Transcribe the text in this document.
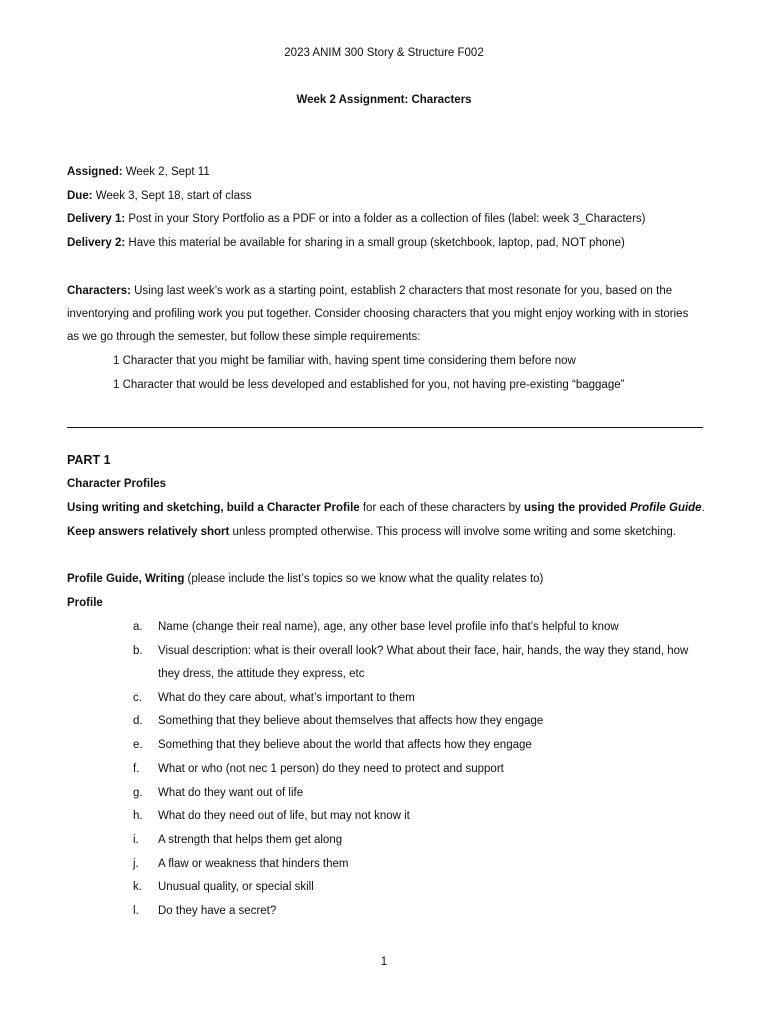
2023 ANIM 300 Story & Structure F002
Week 2 Assignment: Characters
Assigned: Week 2, Sept 11
Due: Week 3, Sept 18, start of class
Delivery 1: Post in your Story Portfolio as a PDF or into a folder as a collection of files (label: week 3_Characters)
Delivery 2: Have this material be available for sharing in a small group (sketchbook, laptop, pad, NOT phone)
Characters: Using last week’s work as a starting point, establish 2 characters that most resonate for you, based on the
inventorying and profiling work you put together. Consider choosing characters that you might enjoy working with in stories
as we go through the semester, but follow these simple requirements:
1 Character that you might be familiar with, having spent time considering them before now
1 Character that would be less developed and established for you, not having pre-existing “baggage”
PART 1
Character Profiles
Using writing and sketching, build a Character Profile for each of these characters by using the provided Profile Guide.
Keep answers relatively short unless prompted otherwise. This process will involve some writing and some sketching.
Profile Guide, Writing (please include the list’s topics so we know what the quality relates to)
Profile
a.	Name (change their real name), age, any other base level profile info that’s helpful to know
b.	Visual description: what is their overall look? What about their face, hair, hands, the way they stand, how
they dress, the attitude they express, etc
c.	What do they care about, what’s important to them
d.	Something that they believe about themselves that affects how they engage
e.	Something that they believe about the world that affects how they engage
f.	What or who (not nec 1 person) do they need to protect and support
g.	What do they want out of life
h.	What do they need out of life, but may not know it
i.	A strength that helps them get along
j.	A flaw or weakness that hinders them
k.	Unusual quality, or special skill
l.	Do they have a secret?
1
